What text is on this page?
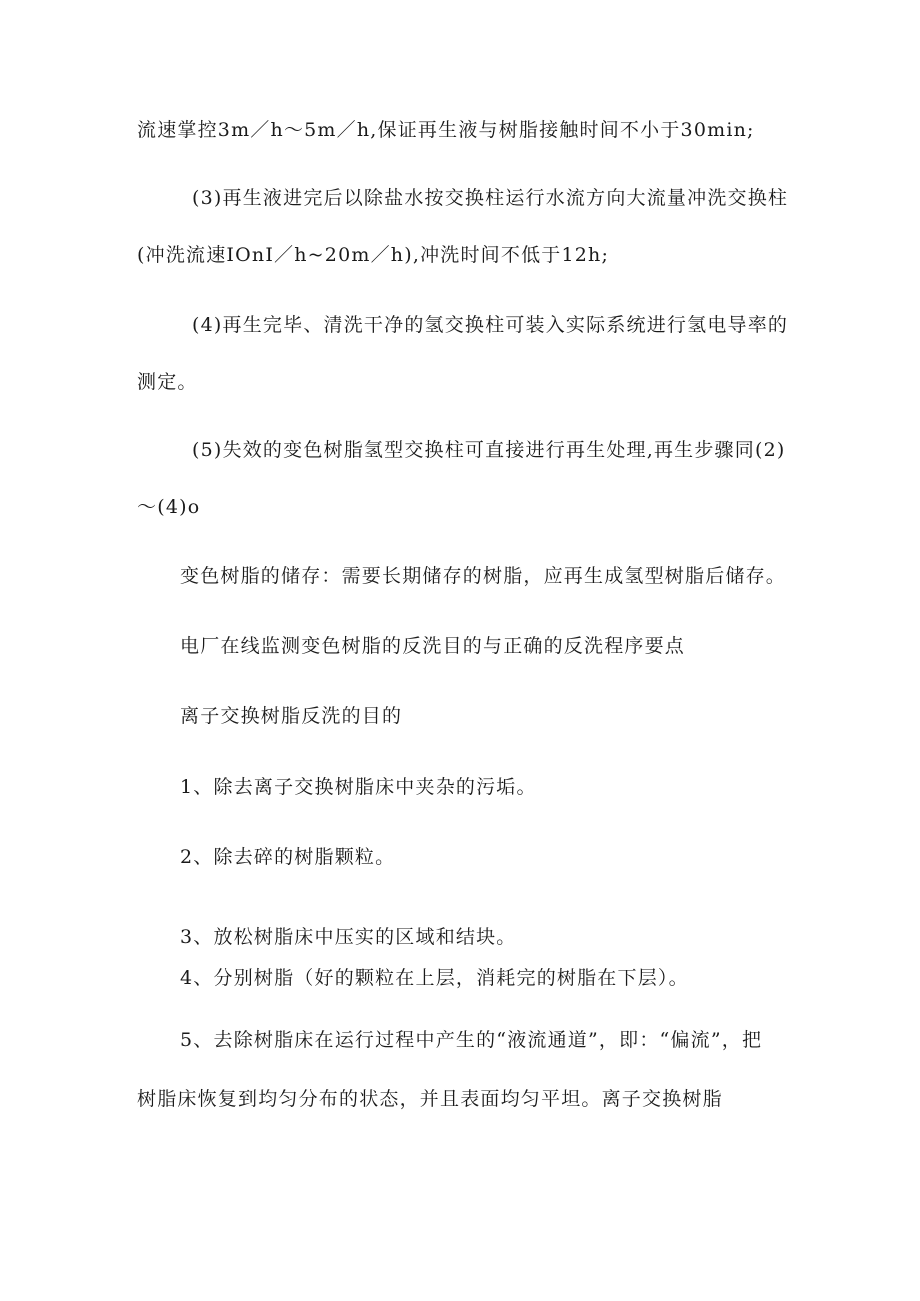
流速掌控3m／h～5m／h,保证再生液与树脂接触时间不小于30min;
(3)再生液进完后以除盐水按交换柱运行水流方向大流量冲洗交换柱
(冲洗流速IOnI／h~20m／h),冲洗时间不低于12h;
(4)再生完毕、清洗干净的氢交换柱可装入实际系统进行氢电导率的
测定。
(5)失效的变色树脂氢型交换柱可直接进行再生处理,再生步骤同(2)
～(4)o
变色树脂的储存：需要长期储存的树脂，应再生成氢型树脂后储存。
电厂在线监测变色树脂的反洗目的与正确的反洗程序要点
离子交换树脂反洗的目的
1、除去离子交换树脂床中夹杂的污垢。
2、除去碎的树脂颗粒。
3、放松树脂床中压实的区域和结块。
4、分别树脂（好的颗粒在上层，消耗完的树脂在下层）。
5、去除树脂床在运行过程中产生的“液流通道”，即：“偏流”，把
树脂床恢复到均匀分布的状态，并且表面均匀平坦。离子交换树脂
